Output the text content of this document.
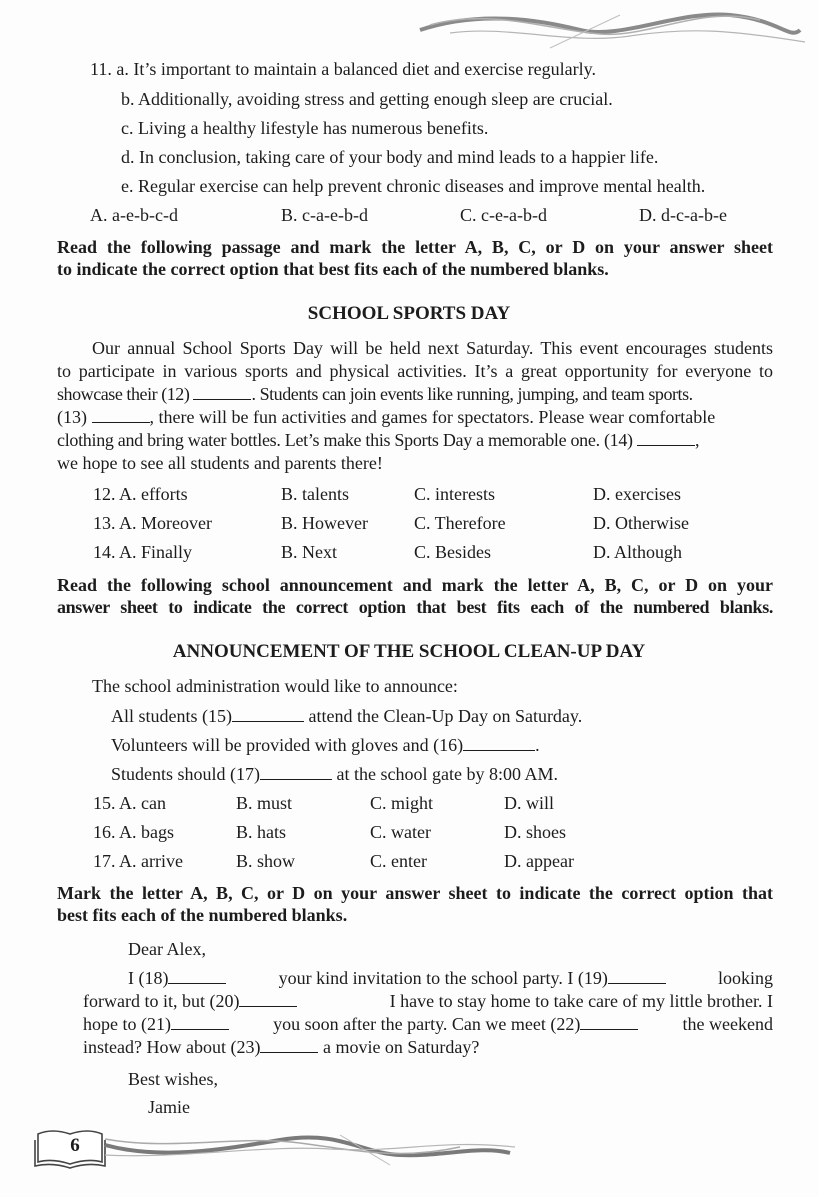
11. a. It’s important to maintain a balanced diet and exercise regularly.
b. Additionally, avoiding stress and getting enough sleep are crucial.
c. Living a healthy lifestyle has numerous benefits.
d. In conclusion, taking care of your body and mind leads to a happier life.
e. Regular exercise can help prevent chronic diseases and improve mental health.
A. a-e-b-c-d	B. c-a-e-b-d	C. c-e-a-b-d	D. d-c-a-b-e
Read the following passage and mark the letter A, B, C, or D on your answer sheet
to indicate the correct option that best fits each of the numbered blanks.
SCHOOL SPORTS DAY
Our annual School Sports Day will be held next Saturday. This event encourages students
to participate in various sports and physical activities. It’s a great opportunity for everyone to
showcase their (12)	. Students can join events like running, jumping, and team sports.
(13)	, there will be fun activities and games for spectators. Please wear comfortable
clothing and bring water bottles. Let’s make this Sports Day a memorable one. (14)	,
we hope to see all students and parents there!
12. A. efforts	B. talents	C. interests	D. exercises
13. A. Moreover	B. However	C. Therefore	D. Otherwise
14. A. Finally	B. Next	C. Besides	D. Although
Read the following school announcement and mark the letter A, B, C, or D on your
answer sheet to indicate the correct option that best fits each of the numbered blanks.
ANNOUNCEMENT OF THE SCHOOL CLEAN-UP DAY
The school administration would like to announce:
All students (15)	attend the Clean-Up Day on Saturday.
Volunteers will be provided with gloves and (16)	.
Students should (17)	at the school gate by 8:00 AM.
15. A. can	B. must	C. might	D. will
16. A. bags	B. hats	C. water	D. shoes
17. A. arrive	B. show	C. enter	D. appear
Mark the letter A, B, C, or D on your answer sheet to indicate the correct option that
best fits each of the numbered blanks.
Dear Alex,
I (18)	your kind invitation to the school party. I (19)	looking
forward to it, but (20)	I have to stay home to take care of my little brother. I
hope to (21)	you soon after the party. Can we meet (22)	the weekend
instead? How about (23)	a movie on Saturday?
Best wishes,
Jamie
6
